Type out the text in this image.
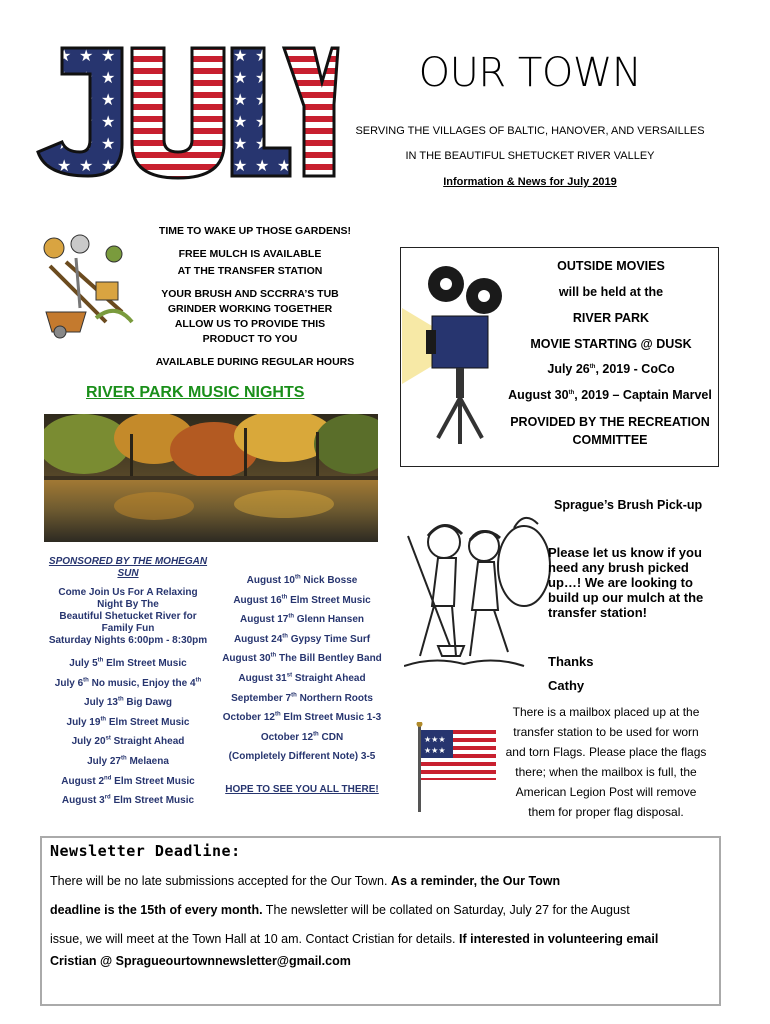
OUR TOWN
SERVING THE VILLAGES OF BALTIC, HANOVER, AND VERSAILLES
IN THE BEAUTIFUL SHETUCKET RIVER VALLEY
Information & News for July 2019
TIME TO WAKE UP THOSE GARDENS!
FREE MULCH IS AVAILABLE
AT THE TRANSFER STATION
YOUR BRUSH AND SCCRRA’S TUB
GRINDER WORKING TOGETHER
ALLOW US TO PROVIDE THIS
PRODUCT TO YOU
AVAILABLE DURING REGULAR HOURS
OUTSIDE MOVIES
will be held at the
RIVER PARK
MOVIE STARTING @ DUSK
July 26th, 2019 - CoCo
August 30th, 2019 – Captain Marvel
PROVIDED BY THE RECREATION
COMMITTEE
RIVER PARK MUSIC NIGHTS
SPONSORED BY THE MOHEGAN
SUN
Come Join Us For A Relaxing
Night By The
Beautiful Shetucket River for
Family Fun
Saturday Nights 6:00pm - 8:30pm
July 5th Elm Street Music
July 6th No music, Enjoy the 4th
July 13th Big Dawg
July 19th Elm Street Music
July 20st Straight Ahead
July 27th Melaena
August 2nd Elm Street Music
August 3rd Elm Street Music
August 10th Nick Bosse
August 16th Elm Street Music
August 17th Glenn Hansen
August 24th Gypsy Time Surf
August 30th The Bill Bentley Band
August 31st Straight Ahead
September 7th Northern Roots
October 12th Elm Street Music 1-3
October 12th CDN
(Completely Different Note) 3-5
HOPE TO SEE YOU ALL THERE!
Sprague’s Brush Pick-up
Please let us know if you
need any brush picked
up…! We are looking to
build up our mulch at the
transfer station!
Thanks
Cathy
★★★
★★★
There is a mailbox placed up at the
transfer station to be used for worn
and torn Flags. Please place the flags
there; when the mailbox is full, the
American Legion Post will remove
them for proper flag disposal.
Newsletter Deadline:
There will be no late submissions accepted for the Our Town. As a reminder, the Our Town
deadline is the 15th of every month. The newsletter will be collated on Saturday, July 27 for the August
issue, we will meet at the Town Hall at 10 am. Contact Cristian for details. If interested in volunteering email
Cristian @ Spragueourtownnewsletter@gmail.com
